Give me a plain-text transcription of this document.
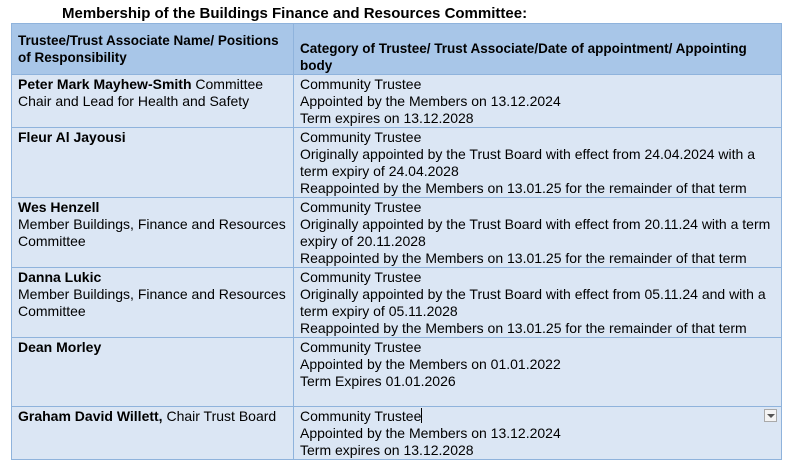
Membership of the Buildings Finance and Resources Committee:
Trustee/Trust Associate Name/ Positions of Responsibility	Category of Trustee/ Trust Associate/Date of appointment/ Appointing body
Peter Mark Mayhew-Smith Committee Chair and Lead for Health and Safety	Community Trustee
Appointed by the Members on 13.12.2024
Term expires on 13.12.2028

Fleur Al Jayousi	Community Trustee
Originally appointed by the Trust Board with effect from 24.04.2024 with a term expiry of 24.04.2028
Reappointed by the Members on 13.01.25 for the remainder of that term

Wes Henzell
Member Buildings, Finance and Resources Committee	Community Trustee
Originally appointed by the Trust Board with effect from 20.11.24 with a term expiry of 20.11.2028
Reappointed by the Members on 13.01.25 for the remainder of that term

Danna Lukic
Member Buildings, Finance and Resources Committee	Community Trustee
Originally appointed by the Trust Board with effect from 05.11.24 and with a term expiry of 05.11.2028
Reappointed by the Members on 13.01.25 for the remainder of that term

Dean Morley	Community Trustee
Appointed by the Members on 01.01.2022
Term Expires 01.01.2026

Graham David Willett, Chair Trust Board	Community Trustee
Appointed by the Members on 13.12.2024
Term expires on 13.12.2028
